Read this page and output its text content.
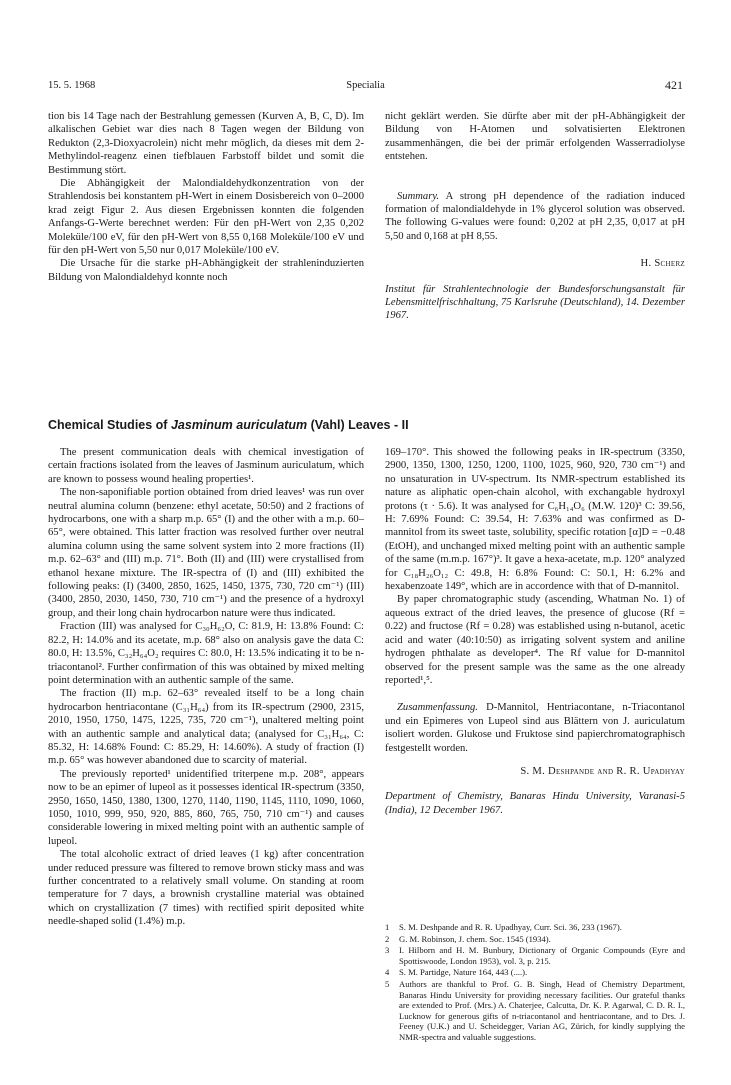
15. 5. 1968	Specialia	421

tion bis 14 Tage nach der Bestrahlung gemessen (Kurven A, B, C, D). Im alkalischen Gebiet war dies nach 8 Tagen wegen der Bildung von Redukton (2,3-Dioxyacrolein) nicht mehr möglich, da dieses mit dem 2-Methylindol-reagenz einen tiefblauen Farbstoff bildet und somit die Bestimmung stört.

Die Abhängigkeit der Malondialdehydkonzentration von der Strahlendosis bei konstantem pH-Wert in einem Dosisbereich von 0–2000 krad zeigt Figur 2. Aus diesen Ergebnissen konnten die folgenden Anfangs-G-Werte berechnet werden: Für den pH-Wert von 2,35 0,202 Moleküle/100 eV, für den pH-Wert von 8,55 0,168 Moleküle/100 eV und für den pH-Wert von 5,50 nur 0,017 Moleküle/100 eV.

Die Ursache für die starke pH-Abhängigkeit der strahleninduzierten Bildung von Malondialdehyd konnte noch

nicht geklärt werden. Sie dürfte aber mit der pH-Abhängigkeit der Bildung von H-Atomen und solvatisierten Elektronen zusammenhängen, die bei der primär erfolgenden Wasserradiolyse entstehen.

Summary. A strong pH dependence of the radiation induced formation of malondialdehyde in 1% glycerol solution was observed. The following G-values were found: 0,202 at pH 2,35, 0,017 at pH 5,50 and 0,168 at pH 8,55.

H. Scherz
Institut für Strahlentechnologie der Bundesforschungsanstalt für Lebensmittelfrischhaltung, 75 Karlsruhe (Deutschland), 14. Dezember 1967.
Chemical Studies of Jasminum auriculatum (Vahl) Leaves - II

The present communication deals with chemical investigation of certain fractions isolated from the leaves of Jasminum auriculatum, which are known to possess wound healing properties¹.

The non-saponifiable portion obtained from dried leaves¹ was run over neutral alumina column (benzene: ethyl acetate, 50:50) and 2 fractions of hydrocarbons, one with a sharp m.p. 65° (I) and the other with a m.p. 60–65°, were obtained. This latter fraction was resolved further over neutral alumina column using the same solvent system into 2 more fractions (II) m.p. 62–63° and (III) m.p. 71°. Both (II) and (III) were crystallised from ethanol hexane mixture. The IR-spectra of (I) and (III) exhibited the following peaks: (I) (3400, 2850, 1625, 1450, 1375, 730, 720 cm⁻¹) (III) (3400, 2850, 2030, 1450, 730, 710 cm⁻¹) and the presence of a hydroxyl group, and their long chain hydrocarbon nature were thus indicated.

Fraction (III) was analysed for C₃₀H₆₂O, C: 81.9, H: 13.8% Found: C: 82.2, H: 14.0% and its acetate, m.p. 68° also on analysis gave the data C: 80.0, H: 13.5%, C₃₂H₆₄O₂ requires C: 80.0, H: 13.5% indicating it to be n-triacontanol². Further confirmation of this was obtained by mixed melting point determination with an authentic sample of the same.

The fraction (II) m.p. 62–63° revealed itself to be a long chain hydrocarbon hentriacontane (C₃₁H₆₄) from its IR-spectrum (2900, 2315, 2010, 1950, 1750, 1475, 1225, 735, 720 cm⁻¹), unaltered melting point with an authentic sample and analytical data; (analysed for C₃₁H₆₄, C: 85.32, H: 14.68% Found: C: 85.29, H: 14.60%). A study of fraction (I) m.p. 65° was however abandoned due to scarcity of material.

The previously reported¹ unidentified triterpene m.p. 208°, appears now to be an epimer of lupeol as it possesses identical IR-spectrum (3350, 2950, 1650, 1450, 1380, 1300, 1270, 1140, 1190, 1145, 1110, 1090, 1060, 1050, 1010, 999, 950, 920, 885, 860, 765, 750, 710 cm⁻¹) and causes considerable lowering in mixed melting point with an authentic sample of lupeol.

The total alcoholic extract of dried leaves (1 kg) after concentration under reduced pressure was filtered to remove brown sticky mass and was further concentrated to a relatively small volume. On standing at room temperature for 7 days, a brownish crystalline material was obtained which on crystallization (7 times) with rectified spirit deposited white needle-shaped solid (1.4%) m.p.

169–170°. This showed the following peaks in IR-spectrum (3350, 2900, 1350, 1300, 1250, 1200, 1100, 1025, 960, 920, 730 cm⁻¹) and no unsaturation in UV-spectrum. Its NMR-spectrum established its nature as aliphatic open-chain alcohol, with exchangable hydroxyl protons (τ · 5.6). It was analysed for C₆H₁₄O₆ (M.W. 120)³ C: 39.56, H: 7.69% Found: C: 39.54, H: 7.63% and was confirmed as D-mannitol from its sweet taste, solubility, specific rotation [α]D = −0.48 (EtOH), and unchanged mixed melting point with an authentic sample of the same (m.m.p. 167°)³. It gave a hexa-acetate, m.p. 120° analyzed for C₁₈H₂₆O₁₂ C: 49.8, H: 6.8% Found: C: 50.1, H: 6.2% and hexabenzoate 149°, which are in accordence with that of D-mannitol.

By paper chromatographic study (ascending, Whatman No. 1) of aqueous extract of the dried leaves, the presence of glucose (Rf = 0.22) and fructose (Rf = 0.28) was established using n-butanol, acetic acid and water (40:10:50) as irrigating solvent system and aniline hydrogen phthalate as developer⁴. The Rf value for D-mannitol observed for the present sample was the same as the one already reported¹,⁵.

Zusammenfassung. D-Mannitol, Hentriacontane, n-Triacontanol und ein Epimeres von Lupeol sind aus Blättern von J. auriculatum isoliert worden. Glukose und Fruktose sind papierchromatographisch festgestellt worden.

S. M. Deshpande and R. R. Upadhyay
Department of Chemistry, Banaras Hindu University, Varanasi-5 (India), 12 December 1967.
1	S. M. Deshpande and R. R. Upadhyay, Curr. Sci. 36, 233 (1967).
2	G. M. Robinson, J. chem. Soc. 1545 (1934).
3	I. Hilborn and H. M. Bunbury, Dictionary of Organic Compounds (Eyre and Spottiswoode, London 1953), vol. 3, p. 215.
4	S. M. Partidge, Nature 164, 443 (....).
5	Authors are thankful to Prof. G. B. Singh, Head of Chemistry Department, Banaras Hindu University for providing necessary facilities. Our grateful thanks are extended to Prof. (Mrs.) A. Chaterjee, Calcutta, Dr. K. P. Agarwal, C. D. R. I., Lucknow for generous gifts of n-triacontanol and hentriacontane, and to Drs. J. Feeney (U.K.) and U. Scheidegger, Varian AG, Zürich, for kindly supplying the NMR-spectra and valuable suggestions.
